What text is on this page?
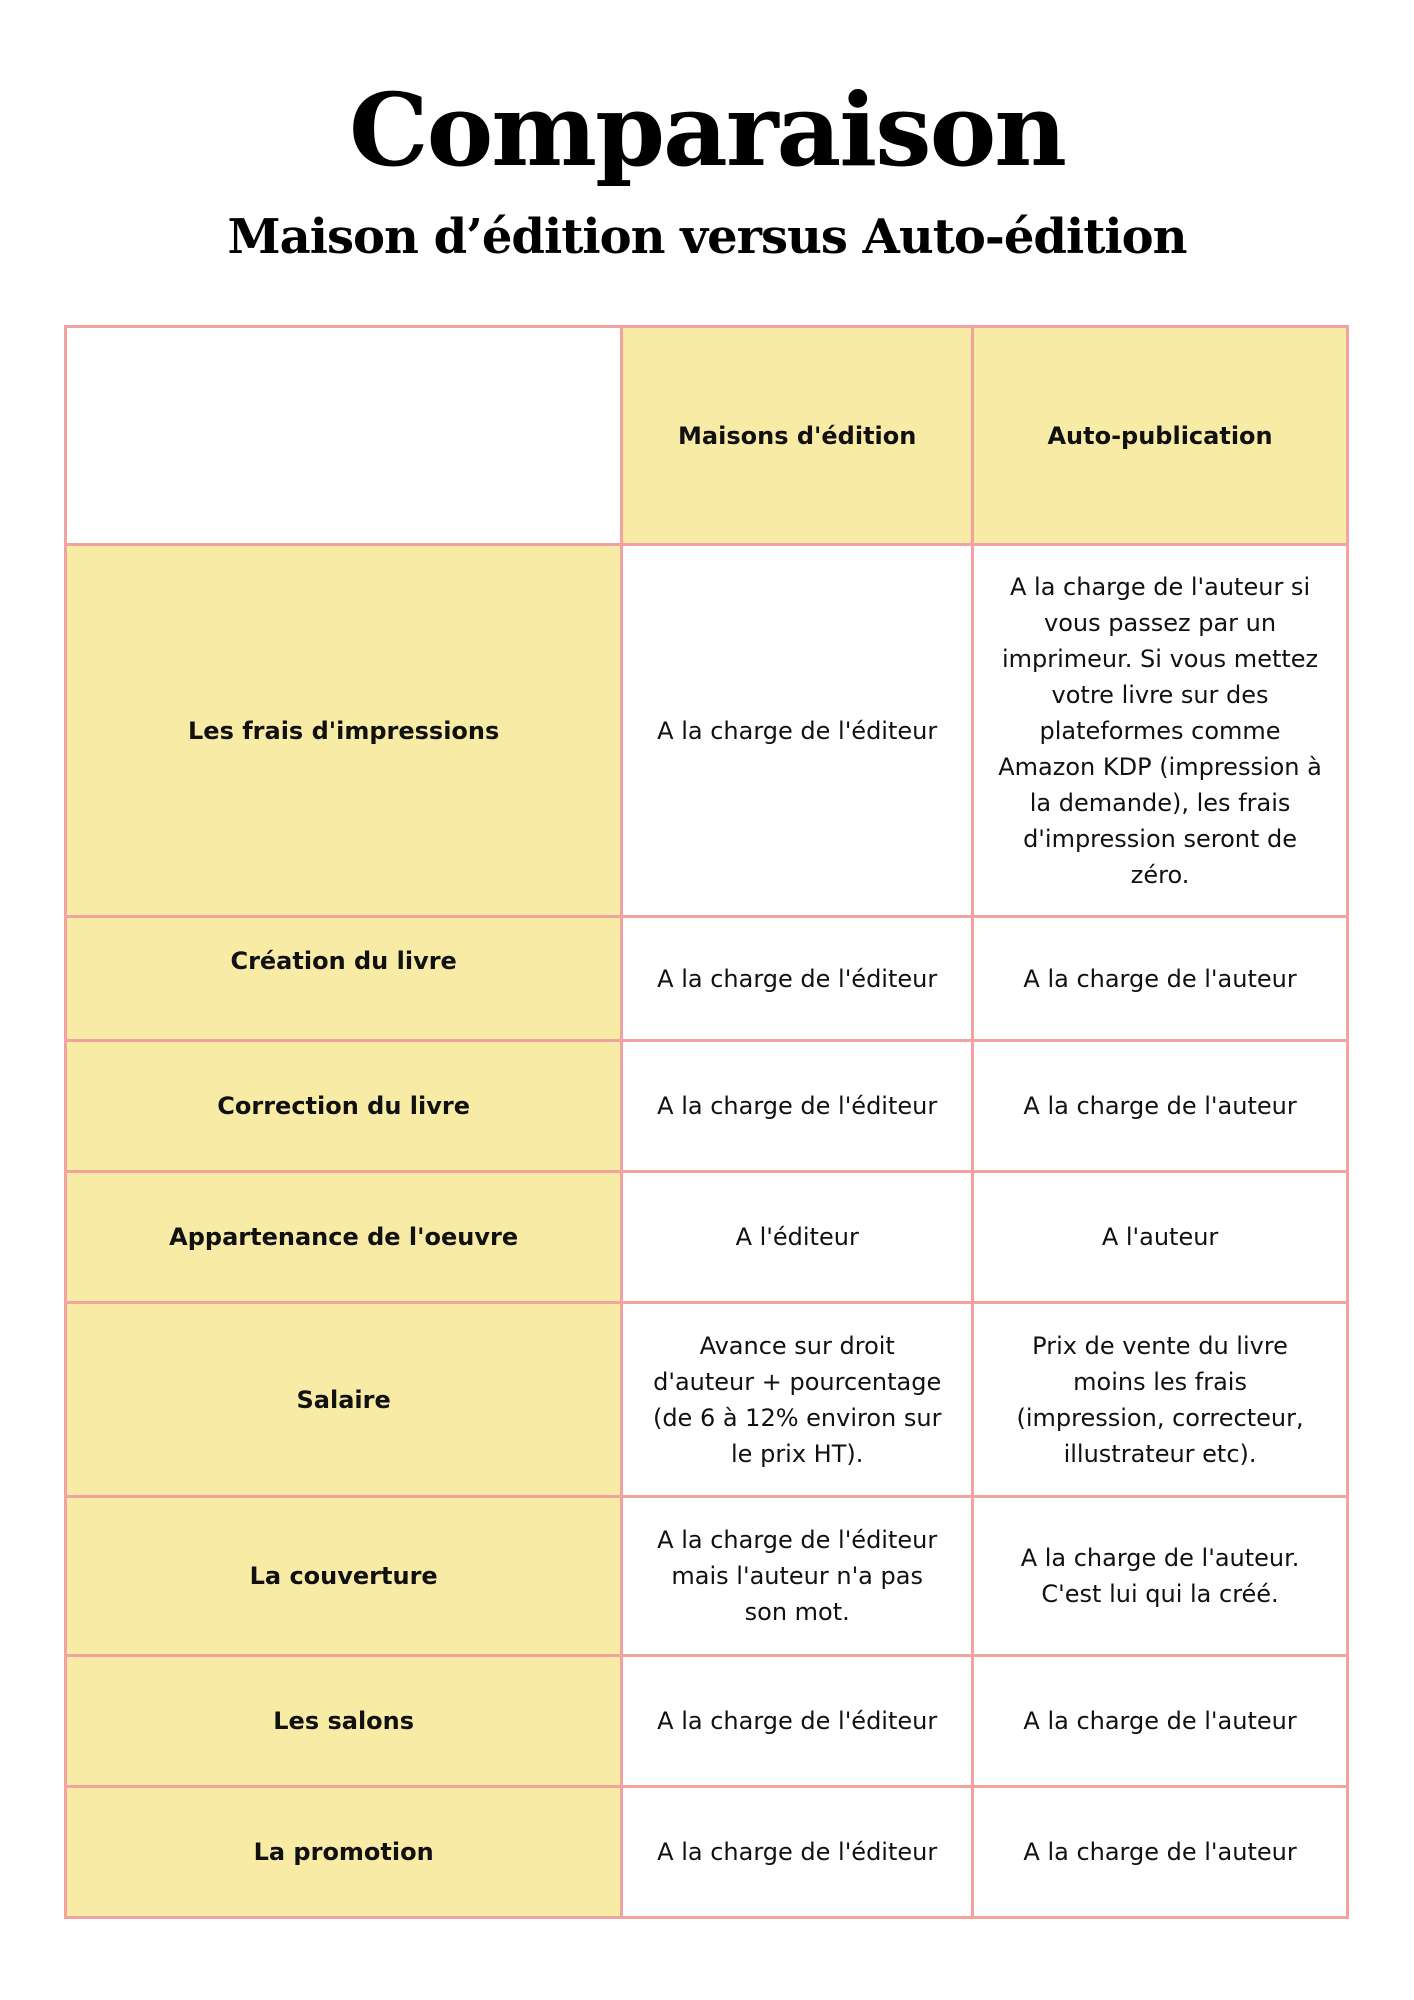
Comparaison
Maison d’édition versus Auto-édition
	Maisons d'édition	Auto-publication
Les frais d'impressions	A la charge de l'éditeur	A la charge de l'auteur si vous passez par un imprimeur. Si vous mettez votre livre sur des plateformes comme Amazon KDP (impression à la demande), les frais d'impression seront de zéro.
Création du livre	A la charge de l'éditeur	A la charge de l'auteur
Correction du livre	A la charge de l'éditeur	A la charge de l'auteur
Appartenance de l'oeuvre	A l'éditeur	A l'auteur
Salaire	Avance sur droit d'auteur + pourcentage (de 6 à 12% environ sur le prix HT).	Prix de vente du livre moins les frais (impression, correcteur, illustrateur etc).
La couverture	A la charge de l'éditeur mais l'auteur n'a pas son mot.	A la charge de l'auteur. C'est lui qui la créé.
Les salons	A la charge de l'éditeur	A la charge de l'auteur
La promotion	A la charge de l'éditeur	A la charge de l'auteur
